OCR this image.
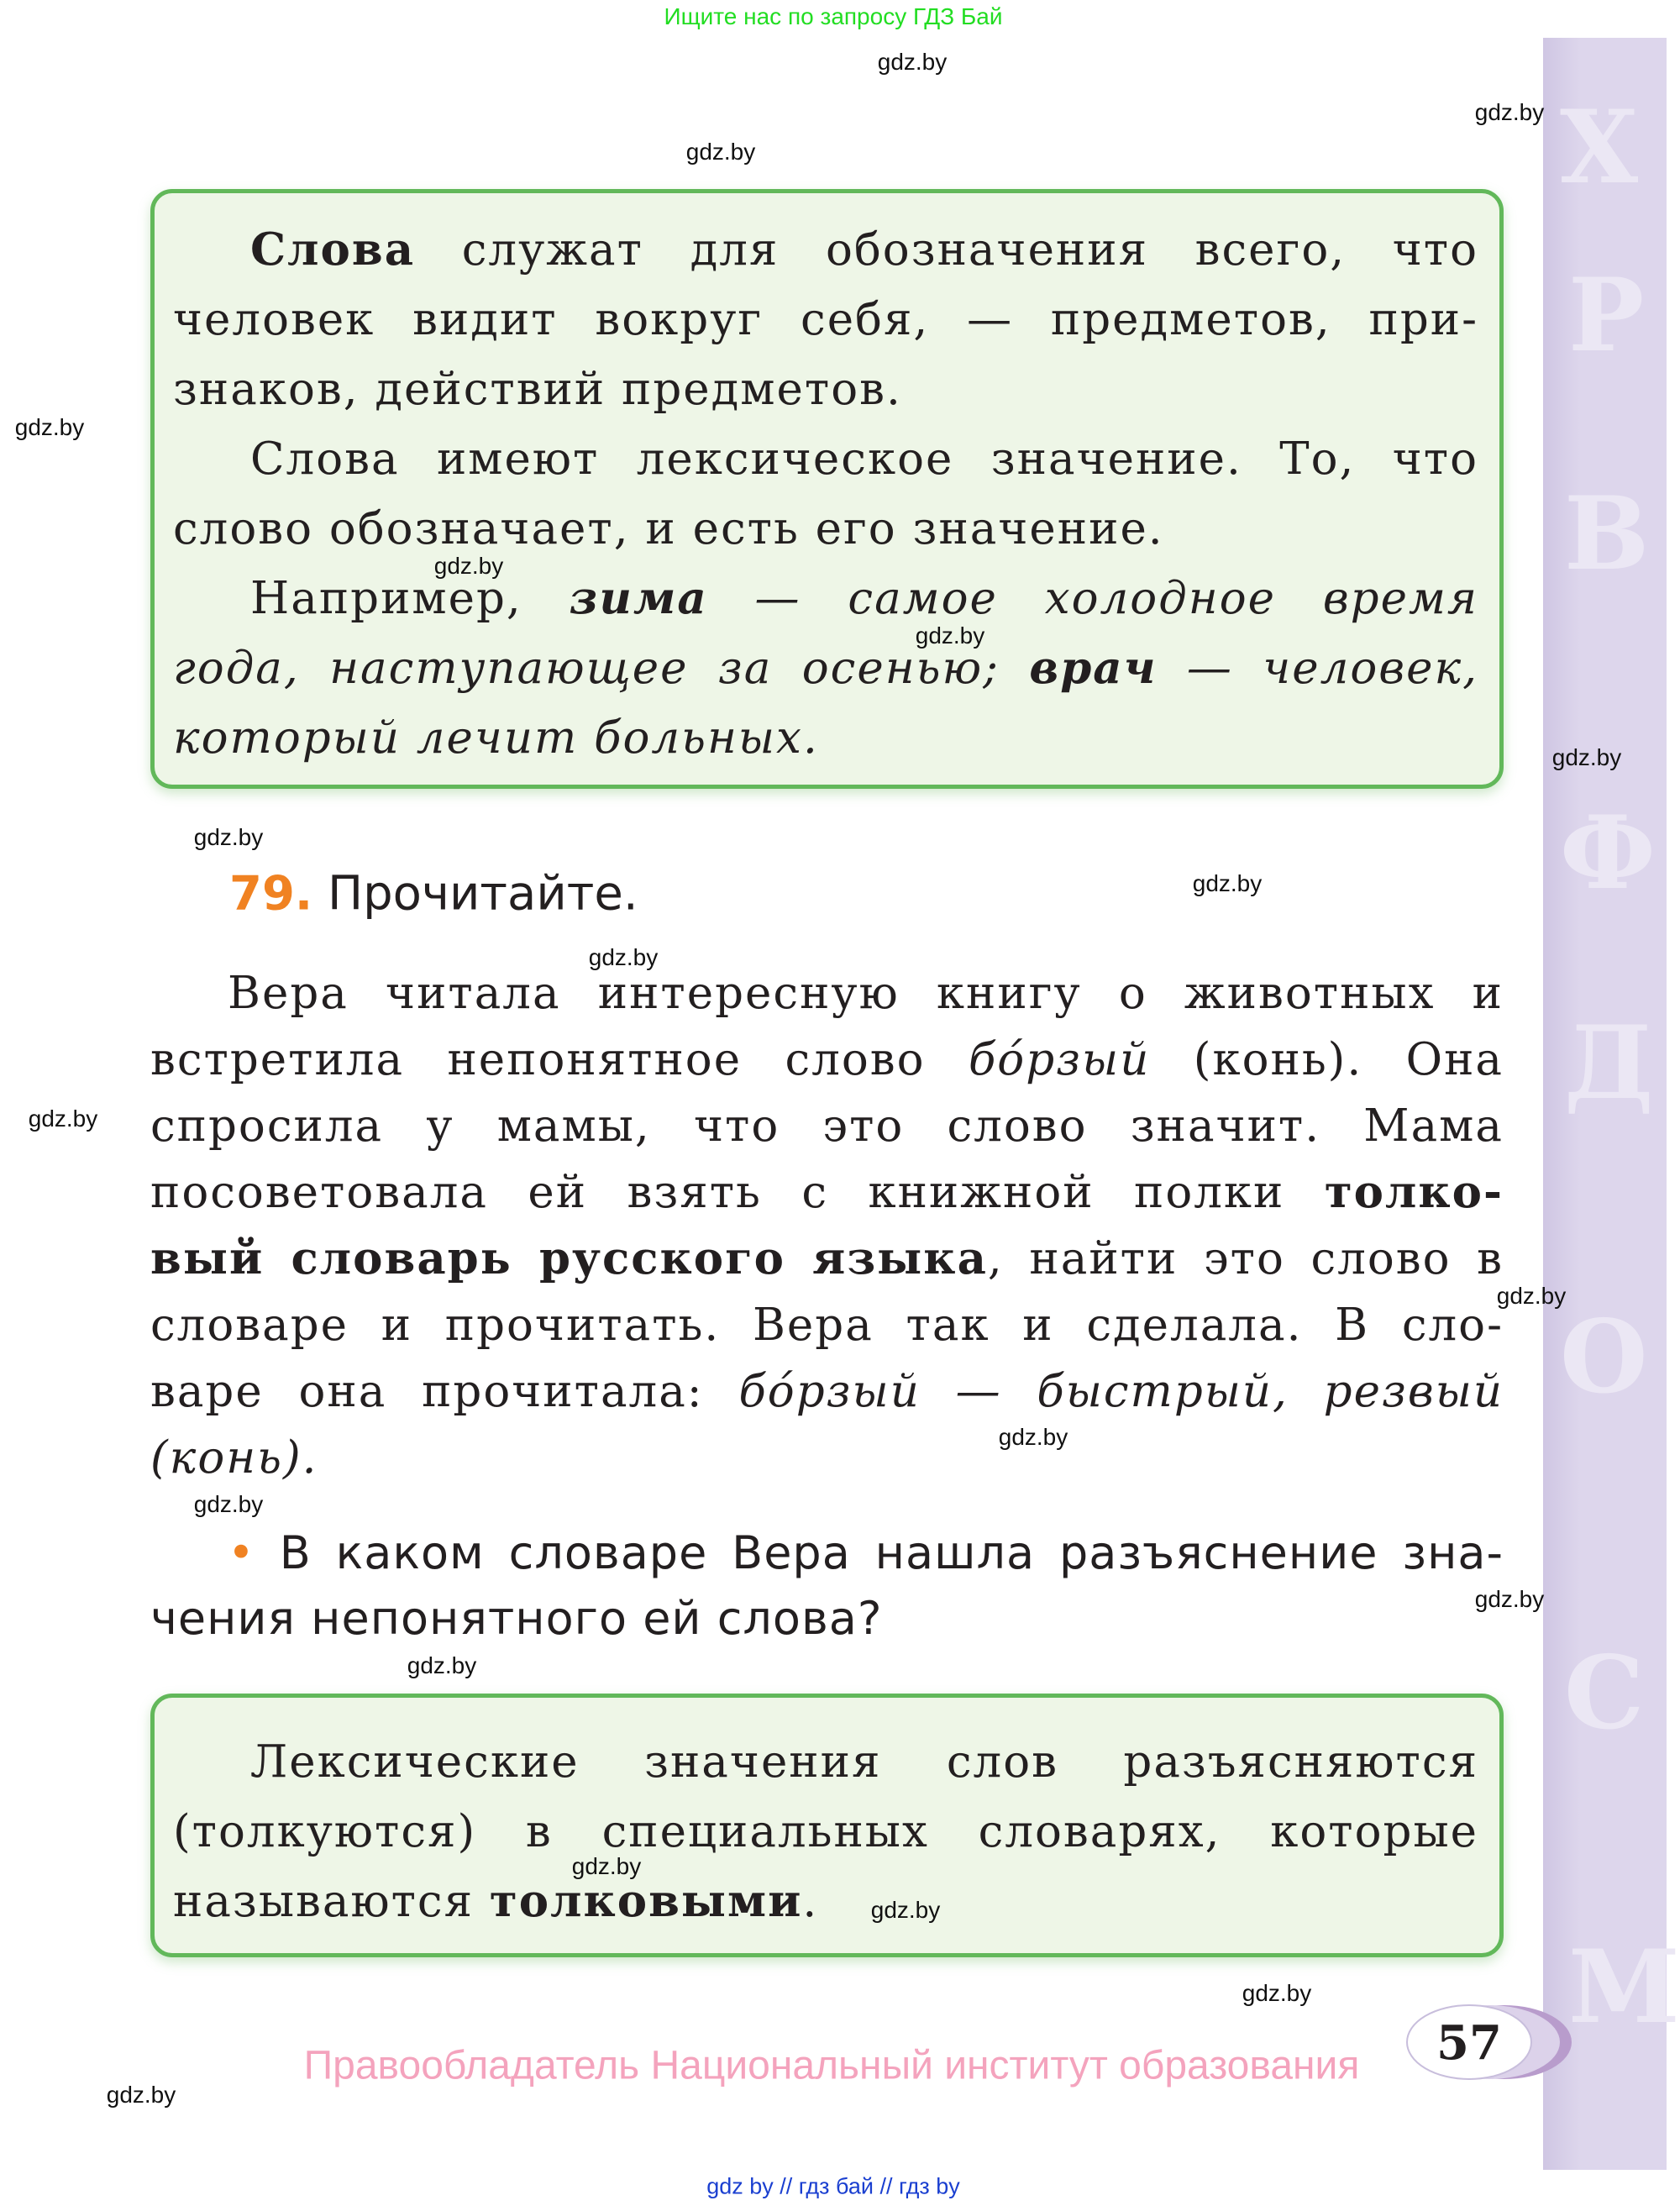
Ищите нас по запросу ГДЗ Бай
Х
Р
В
Ф
Д
О
С
М
gdz.by
gdz.by
gdz.by
gdz.by
gdz.by
gdz.by
gdz.by
gdz.by
gdz.by
gdz.by
gdz.by
gdz.by
gdz.by
gdz.by
gdz.by
gdz.by
gdz.by
gdz.by
gdz.by
gdz.by
Слова служат для обозначения всего, что
человек видит вокруг себя, — предметов, при-
знаков, действий предметов.
Слова имеют лексическое значение. То, что
слово обозначает, и есть его значение.
Например, зима — самое холодное время
года, наступающее за осенью; врач — человек,
который лечит больных.
79. Прочитайте.
Вера читала интересную книгу о животных и
встретила непонятное слово бо́рзый (конь). Она
спросила у мамы, что это слово значит. Мама
посоветовала ей взять с книжной полки толко-
вый словарь русского языка, найти это слово в
словаре и прочитать. Вера так и сделала. В сло-
варе она прочитала: бо́рзый — быстрый, резвый
(конь).
• В каком словаре Вера нашла разъяснение зна-
чения непонятного ей слова?
Лексические значения слов разъясняются
(толкуются) в специальных словарях, которые
называются толковыми.
Правообладатель Национальный институт образования	57
gdz by // гдз бай // гдз by
